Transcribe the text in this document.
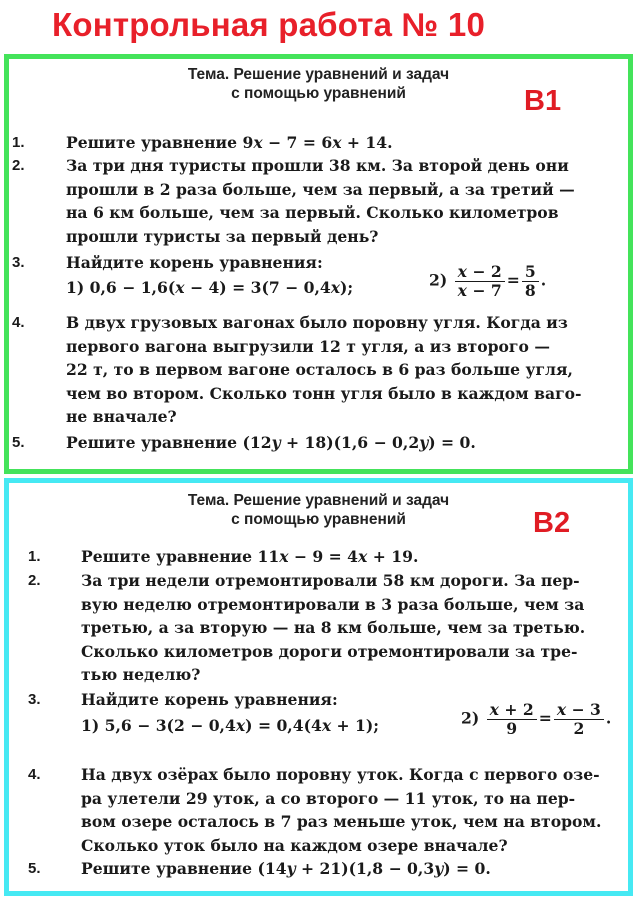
Контрольная работа № 10
Тема. Решение уравнений и задач
с помощью уравнений	В1
1.	Решите уравнение 9x − 7 = 6x + 14.
2.	За три дня туристы прошли 38 км. За второй день они
прошли в 2 раза больше, чем за первый, а за третий —
на 6 км больше, чем за первый. Сколько километров
прошли туристы за первый день?
3.	Найдите корень уравнения:
1) 0,6 − 1,6(x − 4) = 3(7 − 0,4x);	$2) \frac{x - 2}{x - 7} = \frac{5}{8}$ .
4.	В двух грузовых вагонах было поровну угля. Когда из
первого вагона выгрузили 12 т угля, а из второго —
22 т, то в первом вагоне осталось в 6 раз больше угля,
чем во втором. Сколько тонн угля было в каждом ваго-
не вначале?
5.	Решите уравнение (12y + 18)(1,6 − 0,2y) = 0.
Тема. Решение уравнений и задач
с помощью уравнений	В2
1.	Решите уравнение 11x − 9 = 4x + 19.
2.	За три недели отремонтировали 58 км дороги. За пер-
вую неделю отремонтировали в 3 раза больше, чем за
третью, а за вторую — на 8 км больше, чем за третью.
Сколько километров дороги отремонтировали за тре-
тью неделю?
3.	Найдите корень уравнения:
1) 5,6 − 3(2 − 0,4x) = 0,4(4x + 1);	$2) \frac{x + 2}{9} = \frac{x - 3}{2}$ .
4.	На двух озёрах было поровну уток. Когда с первого озе-
ра улетели 29 уток, а со второго — 11 уток, то на пер-
вом озере осталось в 7 раз меньше уток, чем на втором.
Сколько уток было на каждом озере вначале?
5.	Решите уравнение (14y + 21)(1,8 − 0,3y) = 0.
